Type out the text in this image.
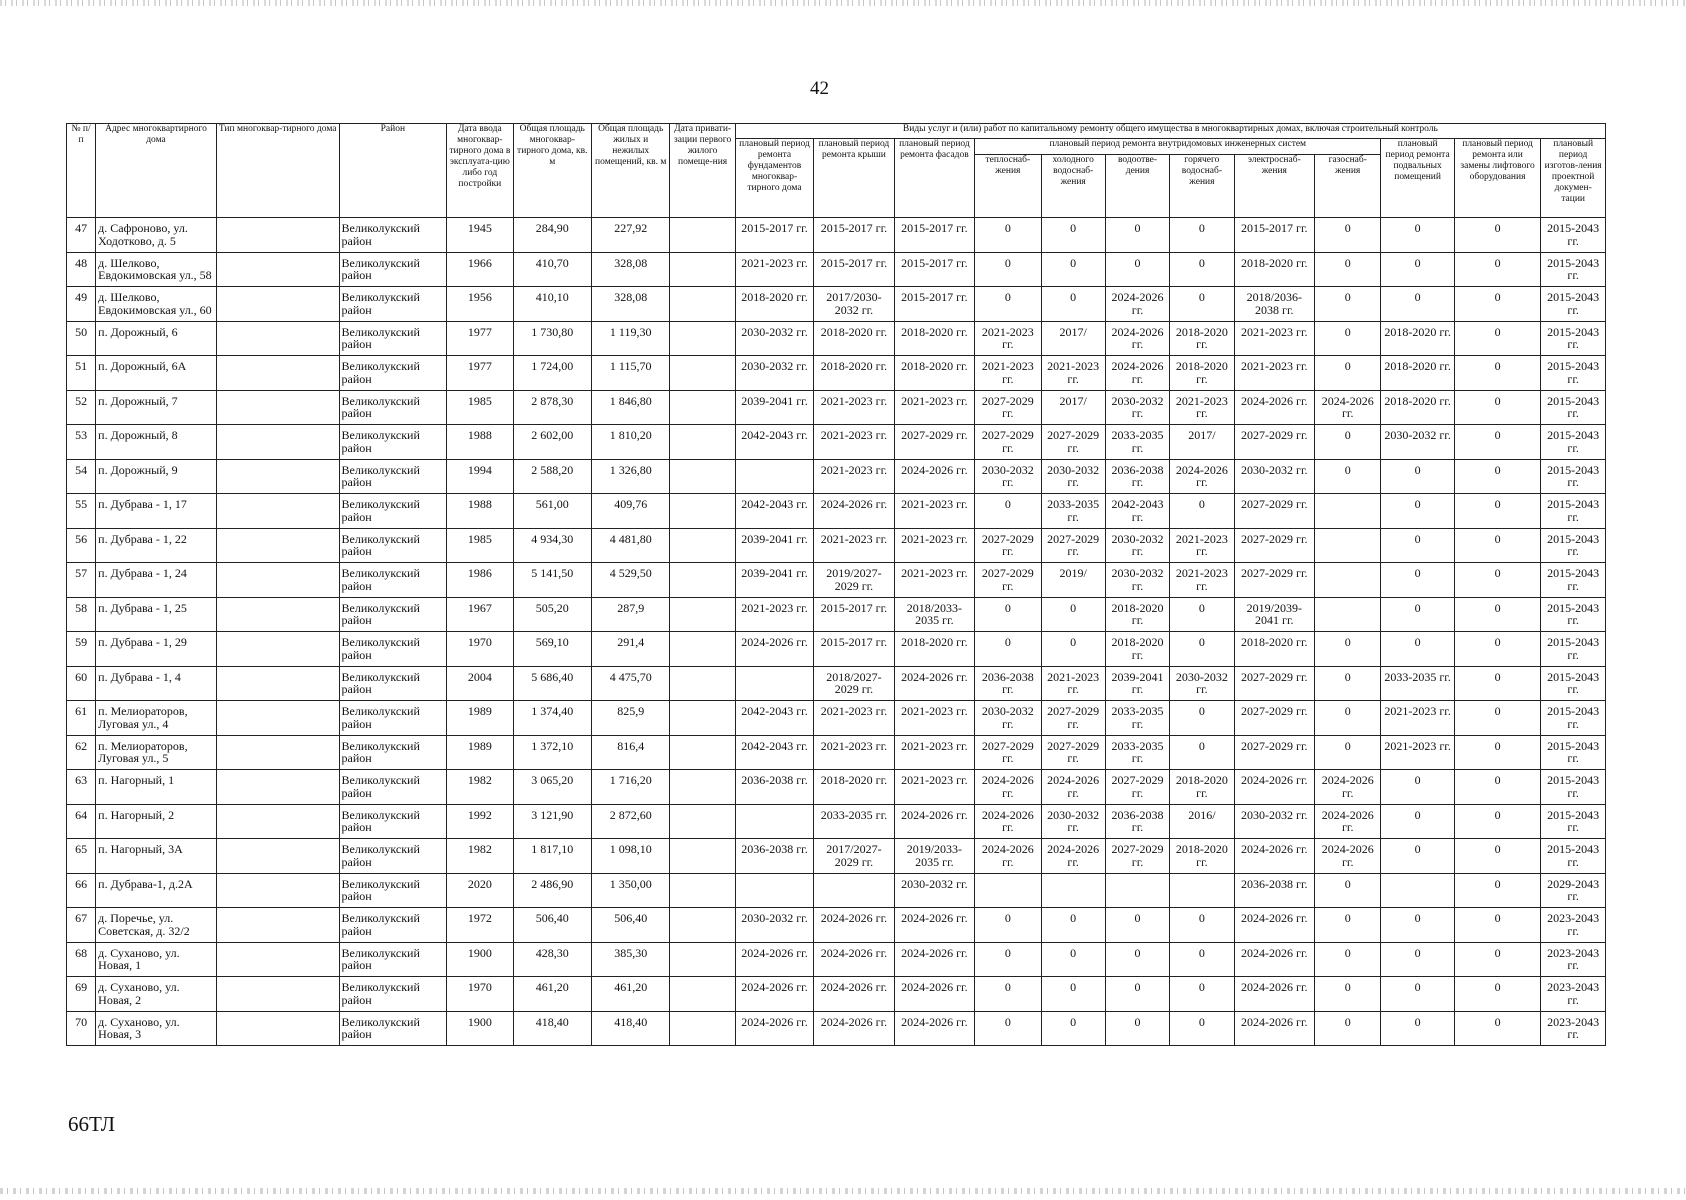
42
№ п/п	Адрес многоквартирного дома	Тип многоквар-тирного дома	Район	Дата ввода многоквар-тирного дома в эксплуата-цию либо год постройки	Общая площадь многоквар-тирного дома, кв. м	Общая площадь жилых и нежилых помещений, кв. м	Дата привати-зации первого жилого помеще-ния	Виды услуг и (или) работ по капитальному ремонту общего имущества в многоквартирных домах, включая строительный контроль											
								плановый период ремонта фундаментов многоквар-тирного дома	плановый период ремонта крыши	плановый период ремонта фасадов	плановый период ремонта внутридомовых инженерных систем						плановый период ремонта подвальных помещений	плановый период ремонта или замены лифтового оборудования	плановый период изготов-ления проектной докумен-тации
											теплоснаб-жения	холодного водоснаб-жения	водоотве-дения	горячего водоснаб-жения	электроснаб-жения	газоснаб-жения			
47	д. Сафроново, ул. Ходотково, д. 5		Великолукский район	1945	284,90	227,92		2015-2017 гг.	2015-2017 гг.	2015-2017 гг.	0	0	0	0	2015-2017 гг.	0	0	0	2015-2043 гг.
48	д. Шелково, Евдокимовская ул., 58		Великолукский район	1966	410,70	328,08		2021-2023 гг.	2015-2017 гг.	2015-2017 гг.	0	0	0	0	2018-2020 гг.	0	0	0	2015-2043 гг.
49	д. Шелково, Евдокимовская ул., 60		Великолукский район	1956	410,10	328,08		2018-2020 гг.	2017/2030-2032 гг.	2015-2017 гг.	0	0	2024-2026 гг.	0	2018/2036-2038 гг.	0	0	0	2015-2043 гг.
50	п. Дорожный, 6		Великолукский район	1977	1 730,80	1 119,30		2030-2032 гг.	2018-2020 гг.	2018-2020 гг.	2021-2023 гг.	2017/	2024-2026 гг.	2018-2020 гг.	2021-2023 гг.	0	2018-2020 гг.	0	2015-2043 гг.
51	п. Дорожный, 6А		Великолукский район	1977	1 724,00	1 115,70		2030-2032 гг.	2018-2020 гг.	2018-2020 гг.	2021-2023 гг.	2021-2023 гг.	2024-2026 гг.	2018-2020 гг.	2021-2023 гг.	0	2018-2020 гг.	0	2015-2043 гг.
52	п. Дорожный, 7		Великолукский район	1985	2 878,30	1 846,80		2039-2041 гг.	2021-2023 гг.	2021-2023 гг.	2027-2029 гг.	2017/	2030-2032 гг.	2021-2023 гг.	2024-2026 гг.	2024-2026 гг.	2018-2020 гг.	0	2015-2043 гг.
53	п. Дорожный, 8		Великолукский район	1988	2 602,00	1 810,20		2042-2043 гг.	2021-2023 гг.	2027-2029 гг.	2027-2029 гг.	2027-2029 гг.	2033-2035 гг.	2017/	2027-2029 гг.	0	2030-2032 гг.	0	2015-2043 гг.
54	п. Дорожный, 9		Великолукский район	1994	2 588,20	1 326,80			2021-2023 гг.	2024-2026 гг.	2030-2032 гг.	2030-2032 гг.	2036-2038 гг.	2024-2026 гг.	2030-2032 гг.	0	0	0	2015-2043 гг.
55	п. Дубрава - 1, 17		Великолукский район	1988	561,00	409,76		2042-2043 гг.	2024-2026 гг.	2021-2023 гг.	0	2033-2035 гг.	2042-2043 гг.	0	2027-2029 гг.		0	0	2015-2043 гг.
56	п. Дубрава - 1, 22		Великолукский район	1985	4 934,30	4 481,80		2039-2041 гг.	2021-2023 гг.	2021-2023 гг.	2027-2029 гг.	2027-2029 гг.	2030-2032 гг.	2021-2023 гг.	2027-2029 гг.		0	0	2015-2043 гг.
57	п. Дубрава - 1, 24		Великолукский район	1986	5 141,50	4 529,50		2039-2041 гг.	2019/2027-2029 гг.	2021-2023 гг.	2027-2029 гг.	2019/	2030-2032 гг.	2021-2023 гг.	2027-2029 гг.		0	0	2015-2043 гг.
58	п. Дубрава - 1, 25		Великолукский район	1967	505,20	287,9		2021-2023 гг.	2015-2017 гг.	2018/2033-2035 гг.	0	0	2018-2020 гг.	0	2019/2039-2041 гг.		0	0	2015-2043 гг.
59	п. Дубрава - 1, 29		Великолукский район	1970	569,10	291,4		2024-2026 гг.	2015-2017 гг.	2018-2020 гг.	0	0	2018-2020 гг.	0	2018-2020 гг.	0	0	0	2015-2043 гг.
60	п. Дубрава - 1, 4		Великолукский район	2004	5 686,40	4 475,70			2018/2027-2029 гг.	2024-2026 гг.	2036-2038 гг.	2021-2023 гг.	2039-2041 гг.	2030-2032 гг.	2027-2029 гг.	0	2033-2035 гг.	0	2015-2043 гг.
61	п. Мелиораторов, Луговая ул., 4		Великолукский район	1989	1 374,40	825,9		2042-2043 гг.	2021-2023 гг.	2021-2023 гг.	2030-2032 гг.	2027-2029 гг.	2033-2035 гг.	0	2027-2029 гг.	0	2021-2023 гг.	0	2015-2043 гг.
62	п. Мелиораторов, Луговая ул., 5		Великолукский район	1989	1 372,10	816,4		2042-2043 гг.	2021-2023 гг.	2021-2023 гг.	2027-2029 гг.	2027-2029 гг.	2033-2035 гг.	0	2027-2029 гг.	0	2021-2023 гг.	0	2015-2043 гг.
63	п. Нагорный, 1		Великолукский район	1982	3 065,20	1 716,20		2036-2038 гг.	2018-2020 гг.	2021-2023 гг.	2024-2026 гг.	2024-2026 гг.	2027-2029 гг.	2018-2020 гг.	2024-2026 гг.	2024-2026 гг.	0	0	2015-2043 гг.
64	п. Нагорный, 2		Великолукский район	1992	3 121,90	2 872,60			2033-2035 гг.	2024-2026 гг.	2024-2026 гг.	2030-2032 гг.	2036-2038 гг.	2016/	2030-2032 гг.	2024-2026 гг.	0	0	2015-2043 гг.
65	п. Нагорный, 3А		Великолукский район	1982	1 817,10	1 098,10		2036-2038 гг.	2017/2027-2029 гг.	2019/2033-2035 гг.	2024-2026 гг.	2024-2026 гг.	2027-2029 гг.	2018-2020 гг.	2024-2026 гг.	2024-2026 гг.	0	0	2015-2043 гг.
66	п. Дубрава-1, д.2А		Великолукский район	2020	2 486,90	1 350,00				2030-2032 гг.					2036-2038 гг.	0		0	2029-2043 гг.
67	д. Поречье, ул. Советская, д. 32/2		Великолукский район	1972	506,40	506,40		2030-2032 гг.	2024-2026 гг.	2024-2026 гг.	0	0	0	0	2024-2026 гг.	0	0	0	2023-2043 гг.
68	д. Суханово, ул. Новая, 1		Великолукский район	1900	428,30	385,30		2024-2026 гг.	2024-2026 гг.	2024-2026 гг.	0	0	0	0	2024-2026 гг.	0	0	0	2023-2043 гг.
69	д. Суханово, ул. Новая, 2		Великолукский район	1970	461,20	461,20		2024-2026 гг.	2024-2026 гг.	2024-2026 гг.	0	0	0	0	2024-2026 гг.	0	0	0	2023-2043 гг.
70	д. Суханово, ул. Новая, 3		Великолукский район	1900	418,40	418,40		2024-2026 гг.	2024-2026 гг.	2024-2026 гг.	0	0	0	0	2024-2026 гг.	0	0	0	2023-2043 гг.
66ТЛ
